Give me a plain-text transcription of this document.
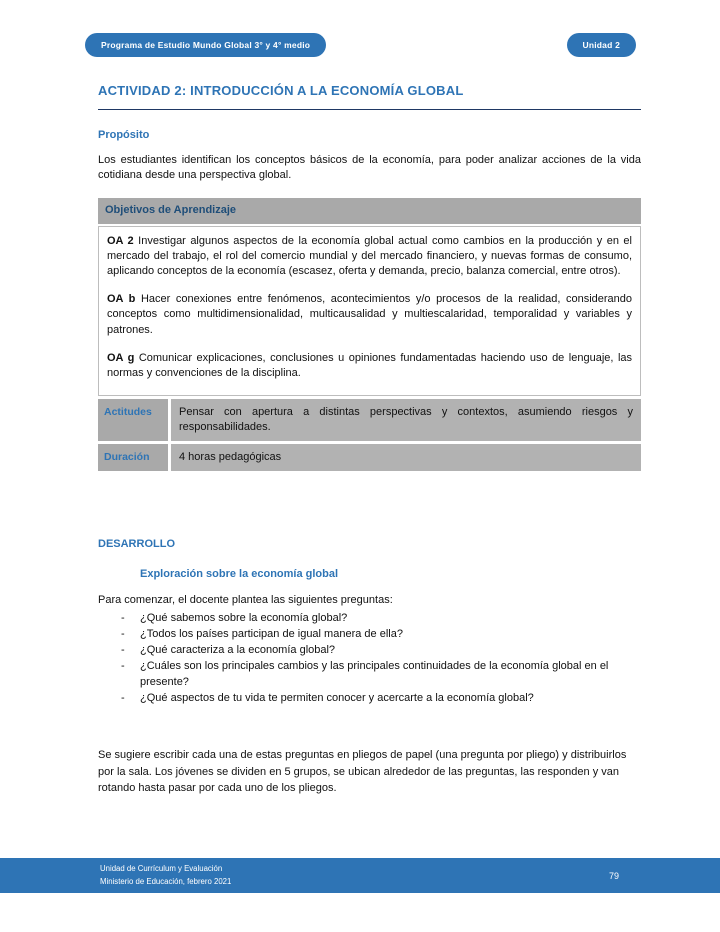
Programa de Estudio Mundo Global 3° y 4° medio	Unidad 2
ACTIVIDAD 2: INTRODUCCIÓN A LA ECONOMÍA GLOBAL
Propósito

Los estudiantes identifican los conceptos básicos de la economía, para poder analizar acciones de la vida cotidiana desde una perspectiva global.

Objetivos de Aprendizaje

OA 2 Investigar algunos aspectos de la economía global actual como cambios en la producción y en el mercado del trabajo, el rol del comercio mundial y del mercado financiero, y nuevas formas de consumo, aplicando conceptos de la economía (escasez, oferta y demanda, precio, balanza comercial, entre otros).

OA b Hacer conexiones entre fenómenos, acontecimientos y/o procesos de la realidad, considerando conceptos como multidimensionalidad, multicausalidad y multiescalaridad, temporalidad y variables y patrones.

OA g Comunicar explicaciones, conclusiones u opiniones fundamentadas haciendo uso de lenguaje, las normas y convenciones de la disciplina.

Actitudes	Pensar con apertura a distintas perspectivas y contextos, asumiendo riesgos y responsabilidades.
Duración	4 horas pedagógicas
DESARROLLO
Exploración sobre la economía global

Para comenzar, el docente plantea las siguientes preguntas:

- ¿Qué sabemos sobre la economía global?
- ¿Todos los países participan de igual manera de ella?
- ¿Qué caracteriza a la economía global?
- ¿Cuáles son los principales cambios y las principales continuidades de la economía global en el presente?
- ¿Qué aspectos de tu vida te permiten conocer y acercarte a la economía global?

Se sugiere escribir cada una de estas preguntas en pliegos de papel (una pregunta por pliego) y distribuirlos por la sala. Los jóvenes se dividen en 5 grupos, se ubican alrededor de las preguntas, las responden y van rotando hasta pasar por cada uno de los pliegos.

Unidad de Currículum y Evaluación
Ministerio de Educación, febrero 2021
79
